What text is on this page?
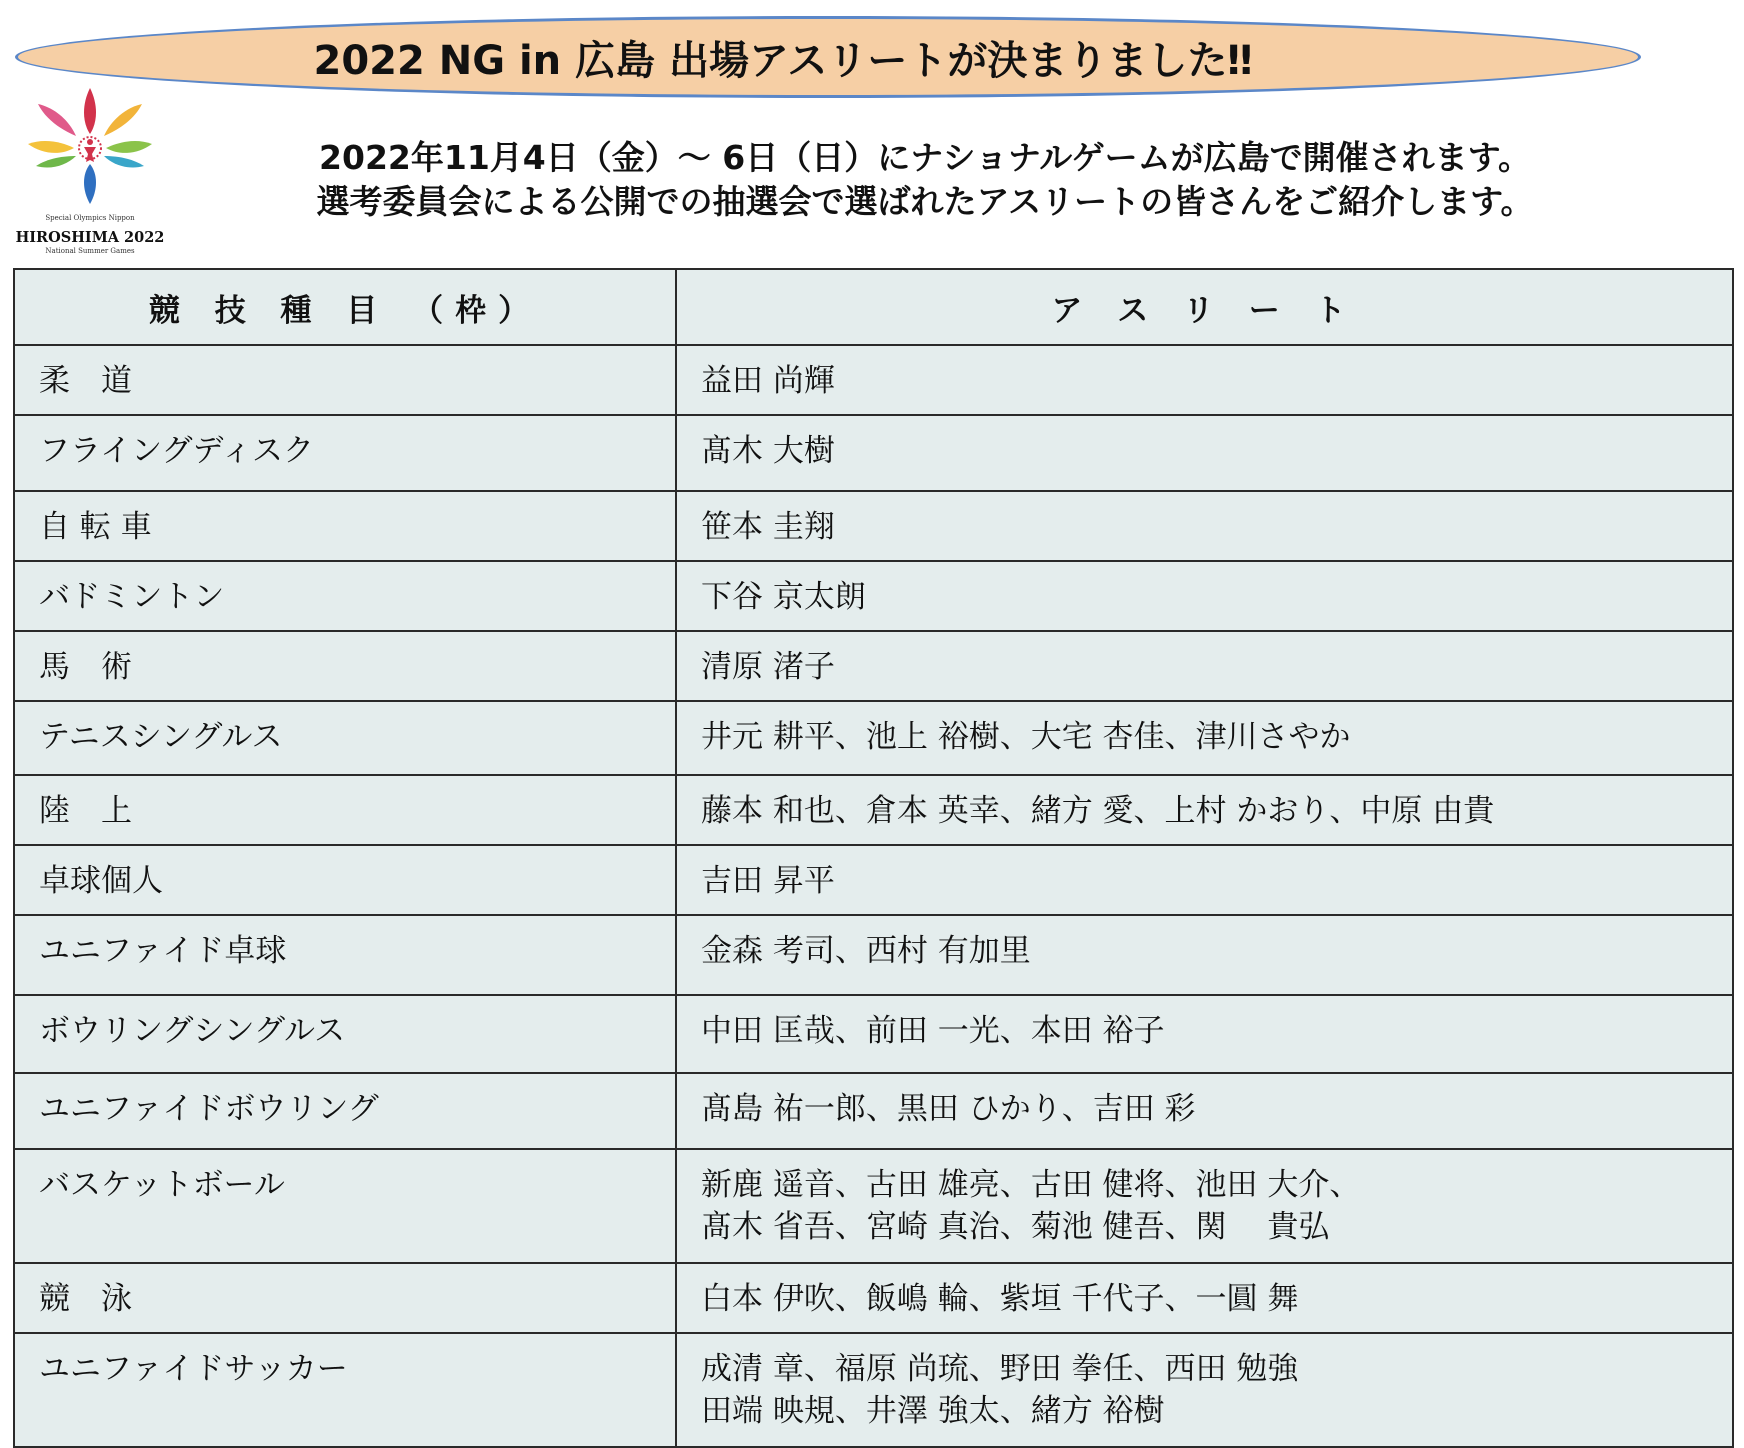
2022 NG in 広島 出場アスリートが決まりました‼
Special Olympics Nippon
HIROSHIMA 2022
National Summer Games
2022年11月4日（金）～ 6日（日）にナショナルゲームが広島で開催されます。
選考委員会による公開での抽選会で選ばれたアスリートの皆さんをご紹介します。
競 技 種 目 （枠）	ア ス リ ー ト
柔　道	益田 尚輝

フライングディスク	髙木 大樹

自 転 車	笹本 圭翔

バドミントン	下谷 京太朗

馬　術	清原 渚子

テニスシングルス	井元 耕平、池上 裕樹、大宅 杏佳、津川さやか

陸　上	藤本 和也、倉本 英幸、緒方 愛、上村 かおり、中原 由貴

卓球個人	吉田 昇平

ユニファイド卓球	金森 考司、西村 有加里

ボウリングシングルス	中田 匡哉、前田 一光、本田 裕子

ユニファイドボウリング	髙島 祐一郎、黒田 ひかり、吉田 彩

バスケットボール	新鹿 遥音、古田 雄亮、古田 健将、池田 大介、
髙木 省吾、宮崎 真治、菊池 健吾、関　 貴弘

競　泳	白本 伊吹、飯嶋 輪、紫垣 千代子、一圓 舞

ユニファイドサッカー	成清 章、福原 尚琉、野田 拳任、西田 勉強
田端 映規、井澤 強太、緒方 裕樹
